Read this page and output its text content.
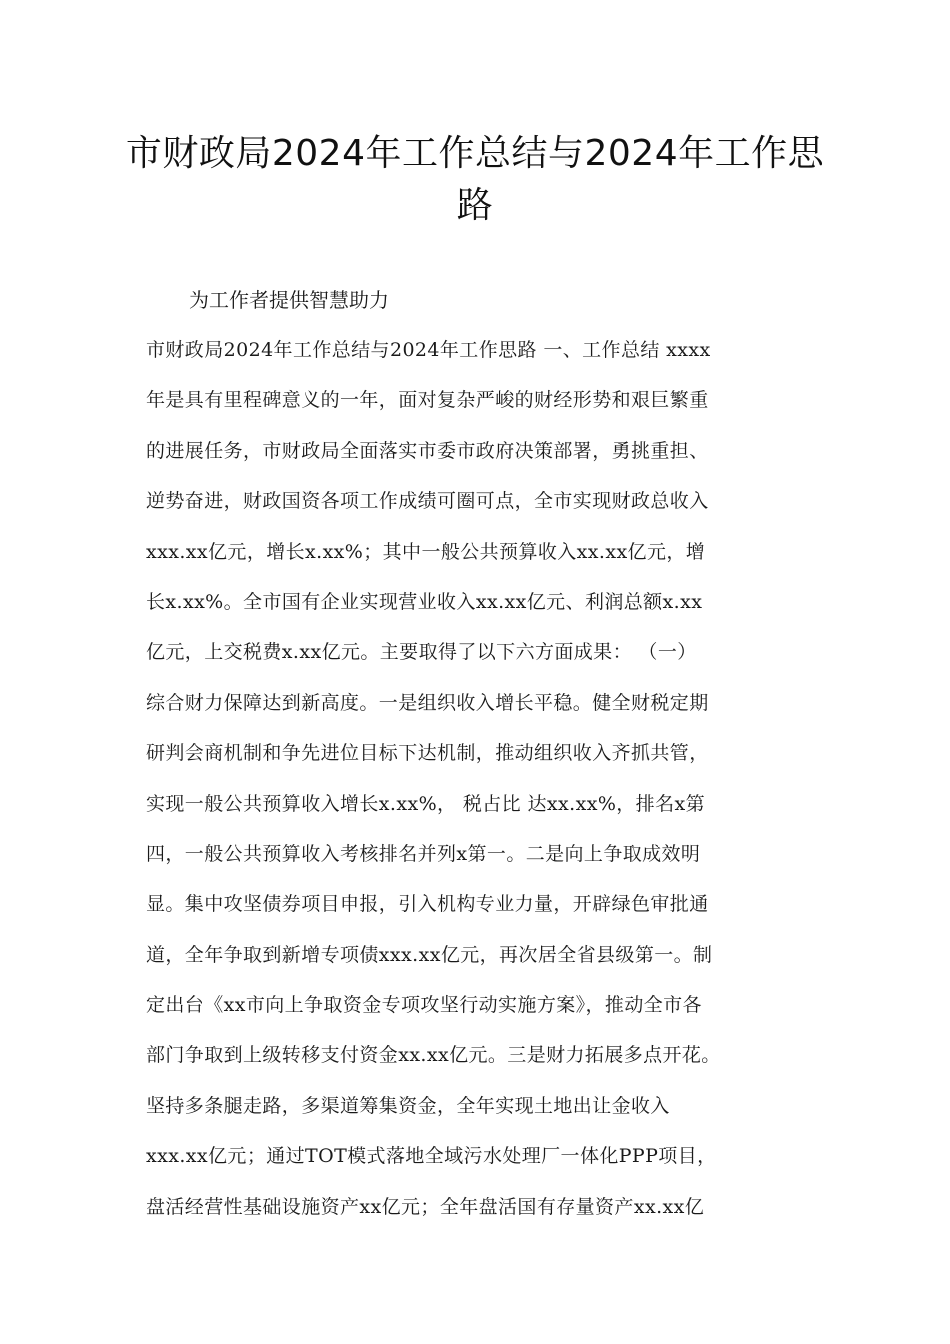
市财政局2024年工作总结与2024年工作思路

为工作者提供智慧助力

市财政局2024年工作总结与2024年工作思路 一、工作总结 xxxx

年是具有里程碑意义的一年，面对复杂严峻的财经形势和艰巨繁重

的进展任务，市财政局全面落实市委市政府决策部署，勇挑重担、

逆势奋进，财政国资各项工作成绩可圈可点，全市实现财政总收入

xxx.xx亿元，增长x.xx%；其中一般公共预算收入xx.xx亿元，增

长x.xx%。全市国有企业实现营业收入xx.xx亿元、利润总额x.xx

亿元，上交税费x.xx亿元。主要取得了以下六方面成果： （一）

综合财力保障达到新高度。一是组织收入增长平稳。健全财税定期

研判会商机制和争先进位目标下达机制，推动组织收入齐抓共管，

实现一般公共预算收入增长x.xx%， 税占比 达xx.xx%，排名x第

四，一般公共预算收入考核排名并列x第一。二是向上争取成效明

显。集中攻坚债券项目申报，引入机构专业力量，开辟绿色审批通

道，全年争取到新增专项债xxx.xx亿元，再次居全省县级第一。制

定出台《xx市向上争取资金专项攻坚行动实施方案》，推动全市各

部门争取到上级转移支付资金xx.xx亿元。三是财力拓展多点开花。

坚持多条腿走路，多渠道筹集资金，全年实现土地出让金收入

xxx.xx亿元；通过TOT模式落地全域污水处理厂一体化PPP项目，

盘活经营性基础设施资产xx亿元；全年盘活国有存量资产xx.xx亿
